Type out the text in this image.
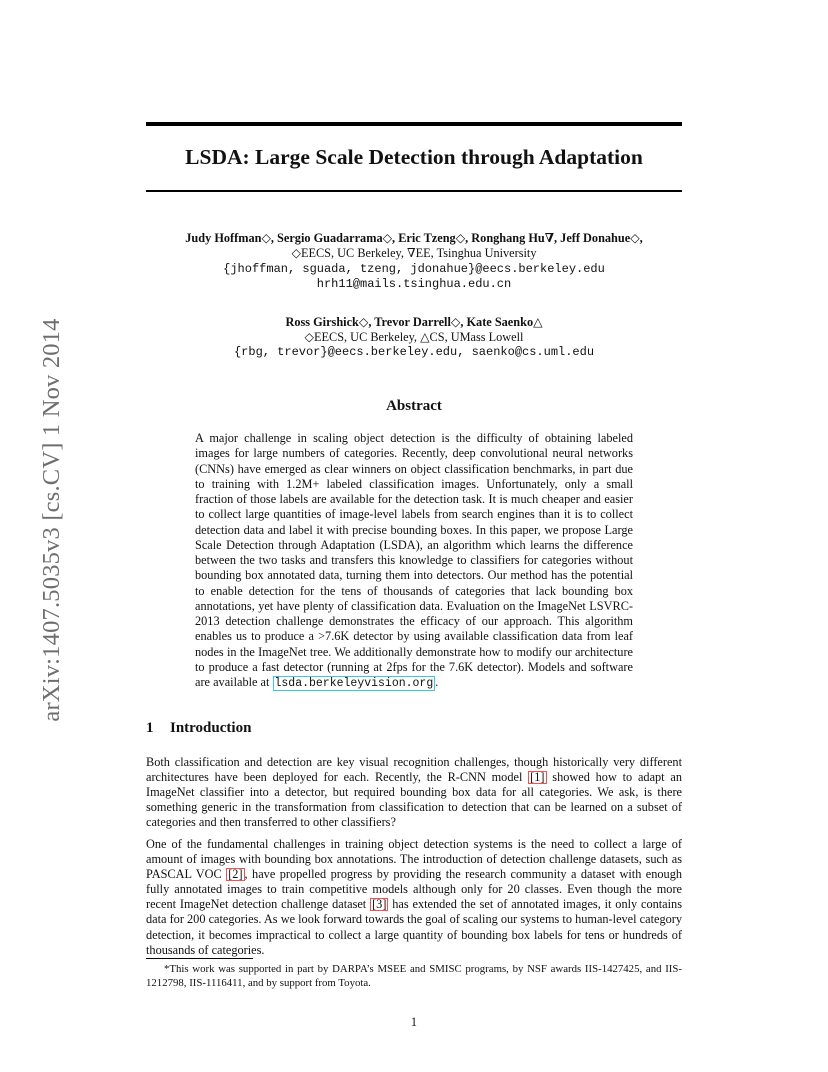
arXiv:1407.5035v3 [cs.CV] 1 Nov 2014
LSDA: Large Scale Detection through Adaptation
Judy Hoffman◇, Sergio Guadarrama◇, Eric Tzeng◇, Ronghang Hu∇, Jeff Donahue◇,
◇EECS, UC Berkeley, ∇EE, Tsinghua University
{jhoffman, sguada, tzeng, jdonahue}@eecs.berkeley.edu
hrh11@mails.tsinghua.edu.cn
Ross Girshick◇, Trevor Darrell◇, Kate Saenko△
◇EECS, UC Berkeley, △CS, UMass Lowell
{rbg, trevor}@eecs.berkeley.edu, saenko@cs.uml.edu
Abstract
A major challenge in scaling object detection is the difficulty of obtaining labeled images for large numbers of categories. Recently, deep convolutional neural networks (CNNs) have emerged as clear winners on object classification benchmarks, in part due to training with 1.2M+ labeled classification images. Unfortunately, only a small fraction of those labels are available for the detection task. It is much cheaper and easier to collect large quantities of image-level labels from search engines than it is to collect detection data and label it with precise bounding boxes. In this paper, we propose Large Scale Detection through Adaptation (LSDA), an algorithm which learns the difference between the two tasks and transfers this knowledge to classifiers for categories without bounding box annotated data, turning them into detectors. Our method has the potential to enable detection for the tens of thousands of categories that lack bounding box annotations, yet have plenty of classification data. Evaluation on the ImageNet LSVRC-2013 detection challenge demonstrates the efficacy of our approach. This algorithm enables us to produce a >7.6K detector by using available classification data from leaf nodes in the ImageNet tree. We additionally demonstrate how to modify our architecture to produce a fast detector (running at 2fps for the 7.6K detector). Models and software are available at lsda.berkeleyvision.org .
1 Introduction
Both classification and detection are key visual recognition challenges, though historically very different architectures have been deployed for each. Recently, the R-CNN model [1] showed how to adapt an ImageNet classifier into a detector, but required bounding box data for all categories. We ask, is there something generic in the transformation from classification to detection that can be learned on a subset of categories and then transferred to other classifiers?
One of the fundamental challenges in training object detection systems is the need to collect a large of amount of images with bounding box annotations. The introduction of detection challenge datasets, such as PASCAL VOC [2] , have propelled progress by providing the research community a dataset with enough fully annotated images to train competitive models although only for 20 classes. Even though the more recent ImageNet detection challenge dataset [3] has extended the set of annotated images, it only contains data for 200 categories. As we look forward towards the goal of scaling our systems to human-level category detection, it becomes impractical to collect a large quantity of bounding box labels for tens or hundreds of thousands of categories.
*This work was supported in part by DARPA’s MSEE and SMISC programs, by NSF awards IIS-1427425, and IIS-1212798, IIS-1116411, and by support from Toyota.
1
